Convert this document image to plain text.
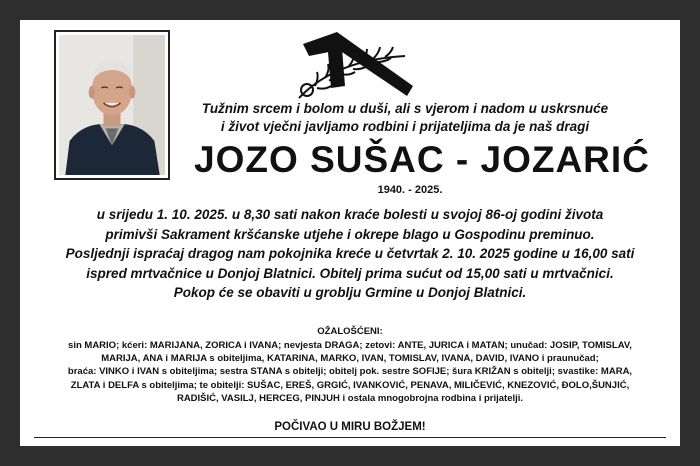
Tužnim srcem i bolom u duši, ali s vjerom i nadom u uskrsnuće
i život vječni javljamo rodbini i prijateljima da je naš dragi
JOZO SUŠAC - JOZARIĆ
1940. - 2025.
u srijedu 1. 10. 2025. u 8,30 sati nakon kraće bolesti u svojoj 86-oj godini života
primivši Sakrament kršćanske utjehe i okrepe blago u Gospodinu preminuo.
Posljednji ispraćaj dragog nam pokojnika kreće u četvrtak 2. 10. 2025 godine u 16,00 sati
ispred mrtvačnice u Donjoj Blatnici. Obitelj prima sućut od 15,00 sati u mrtvačnici.
Pokop će se obaviti u groblju Grmine u Donjoj Blatnici.
OŽALOŠĆENI:
sin MARIO; kćeri: MARIJANA, ZORICA i IVANA; nevjesta DRAGA; zetovi: ANTE, JURICA i MATAN; unučad: JOSIP, TOMISLAV,
MARIJA, ANA i MARIJA s obiteljima, KATARINA, MARKO, IVAN, TOMISLAV, IVANA, DAVID, IVANO i praunučad;
braća: VINKO i IVAN s obiteljima; sestra STANA s obitelji; obitelj pok. sestre SOFIJE; šura KRIŽAN s obitelji; svastike: MARA,
ZLATA i DELFA s obiteljima; te obitelji: SUŠAC, EREŠ, GRGIĆ, IVANKOVIĆ, PENAVA, MILIČEVIĆ, KNEZOVIĆ, ĐOLO,ŠUNJIĆ,
RADIŠIĆ, VASILJ, HERCEG, PINJUH i ostala mnogobrojna rodbina i prijatelji.
POČIVAO U MIRU BOŽJEM!
